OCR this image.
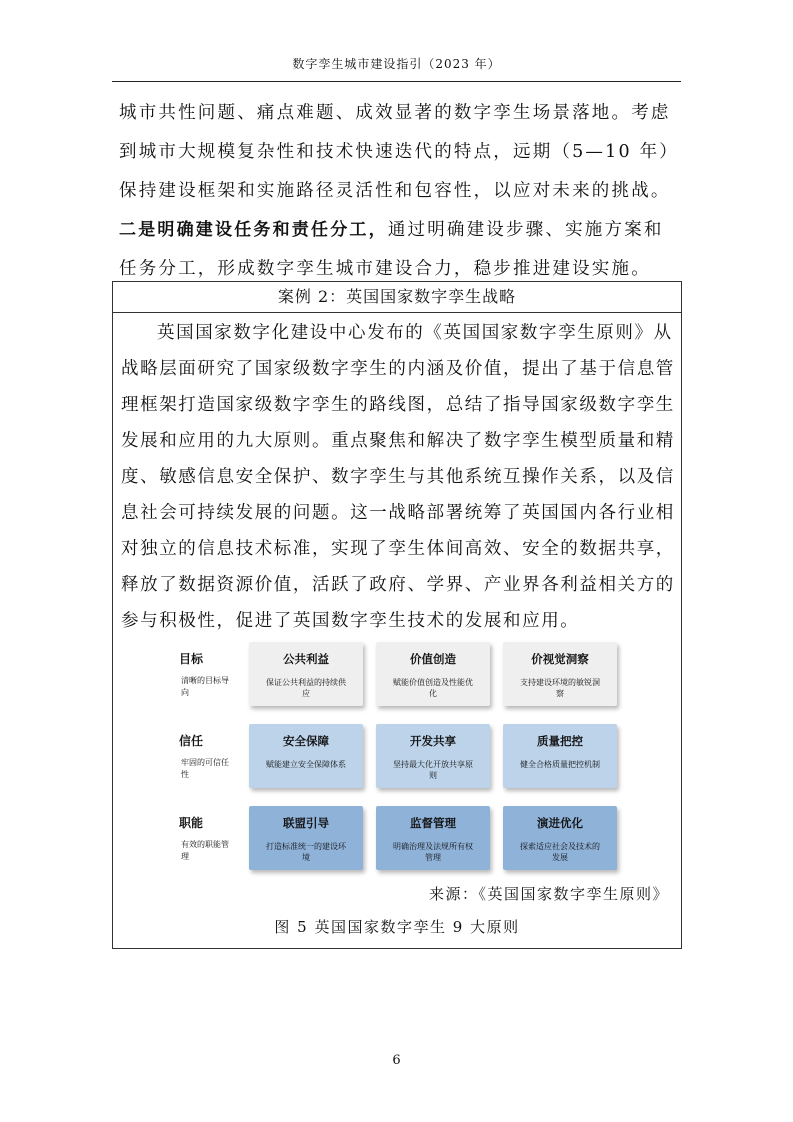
数字孪生城市建设指引（2023 年）
城市共性问题、痛点难题、成效显著的数字孪生场景落地。考虑到城市大规模复杂性和技术快速迭代的特点，远期（5—10 年）保持建设框架和实施路径灵活性和包容性，以应对未来的挑战。二是明确建设任务和责任分工，通过明确建设步骤、实施方案和任务分工，形成数字孪生城市建设合力，稳步推进建设实施。
案例 2：英国国家数字孪生战略
英国国家数字化建设中心发布的《英国国家数字孪生原则》从战略层面研究了国家级数字孪生的内涵及价值，提出了基于信息管理框架打造国家级数字孪生的路线图，总结了指导国家级数字孪生发展和应用的九大原则。重点聚焦和解决了数字孪生模型质量和精度、敏感信息安全保护、数字孪生与其他系统互操作关系，以及信息社会可持续发展的问题。这一战略部署统筹了英国国内各行业相对独立的信息技术标准，实现了孪生体间高效、安全的数据共享，释放了数据资源价值，活跃了政府、学界、产业界各利益相关方的参与积极性，促进了英国数字孪生技术的发展和应用。
目标
清晰的目标导向
公共利益
保证公共利益的持续供应
价值创造
赋能价值创造及性能优化
价视觉洞察
支持建设环境的敏锐洞察
信任
牢固的可信任性
安全保障
赋能建立安全保障体系
开发共享
坚持最大化开放共享原则
质量把控
健全合格质量把控机制
职能
有效的职能管理
联盟引导
打造标准统一的建设环境
监督管理
明确治理及法规所有权管理
演进优化
探索适应社会及技术的发展
来源：《英国国家数字孪生原则》
图 5 英国国家数字孪生 9 大原则
6
